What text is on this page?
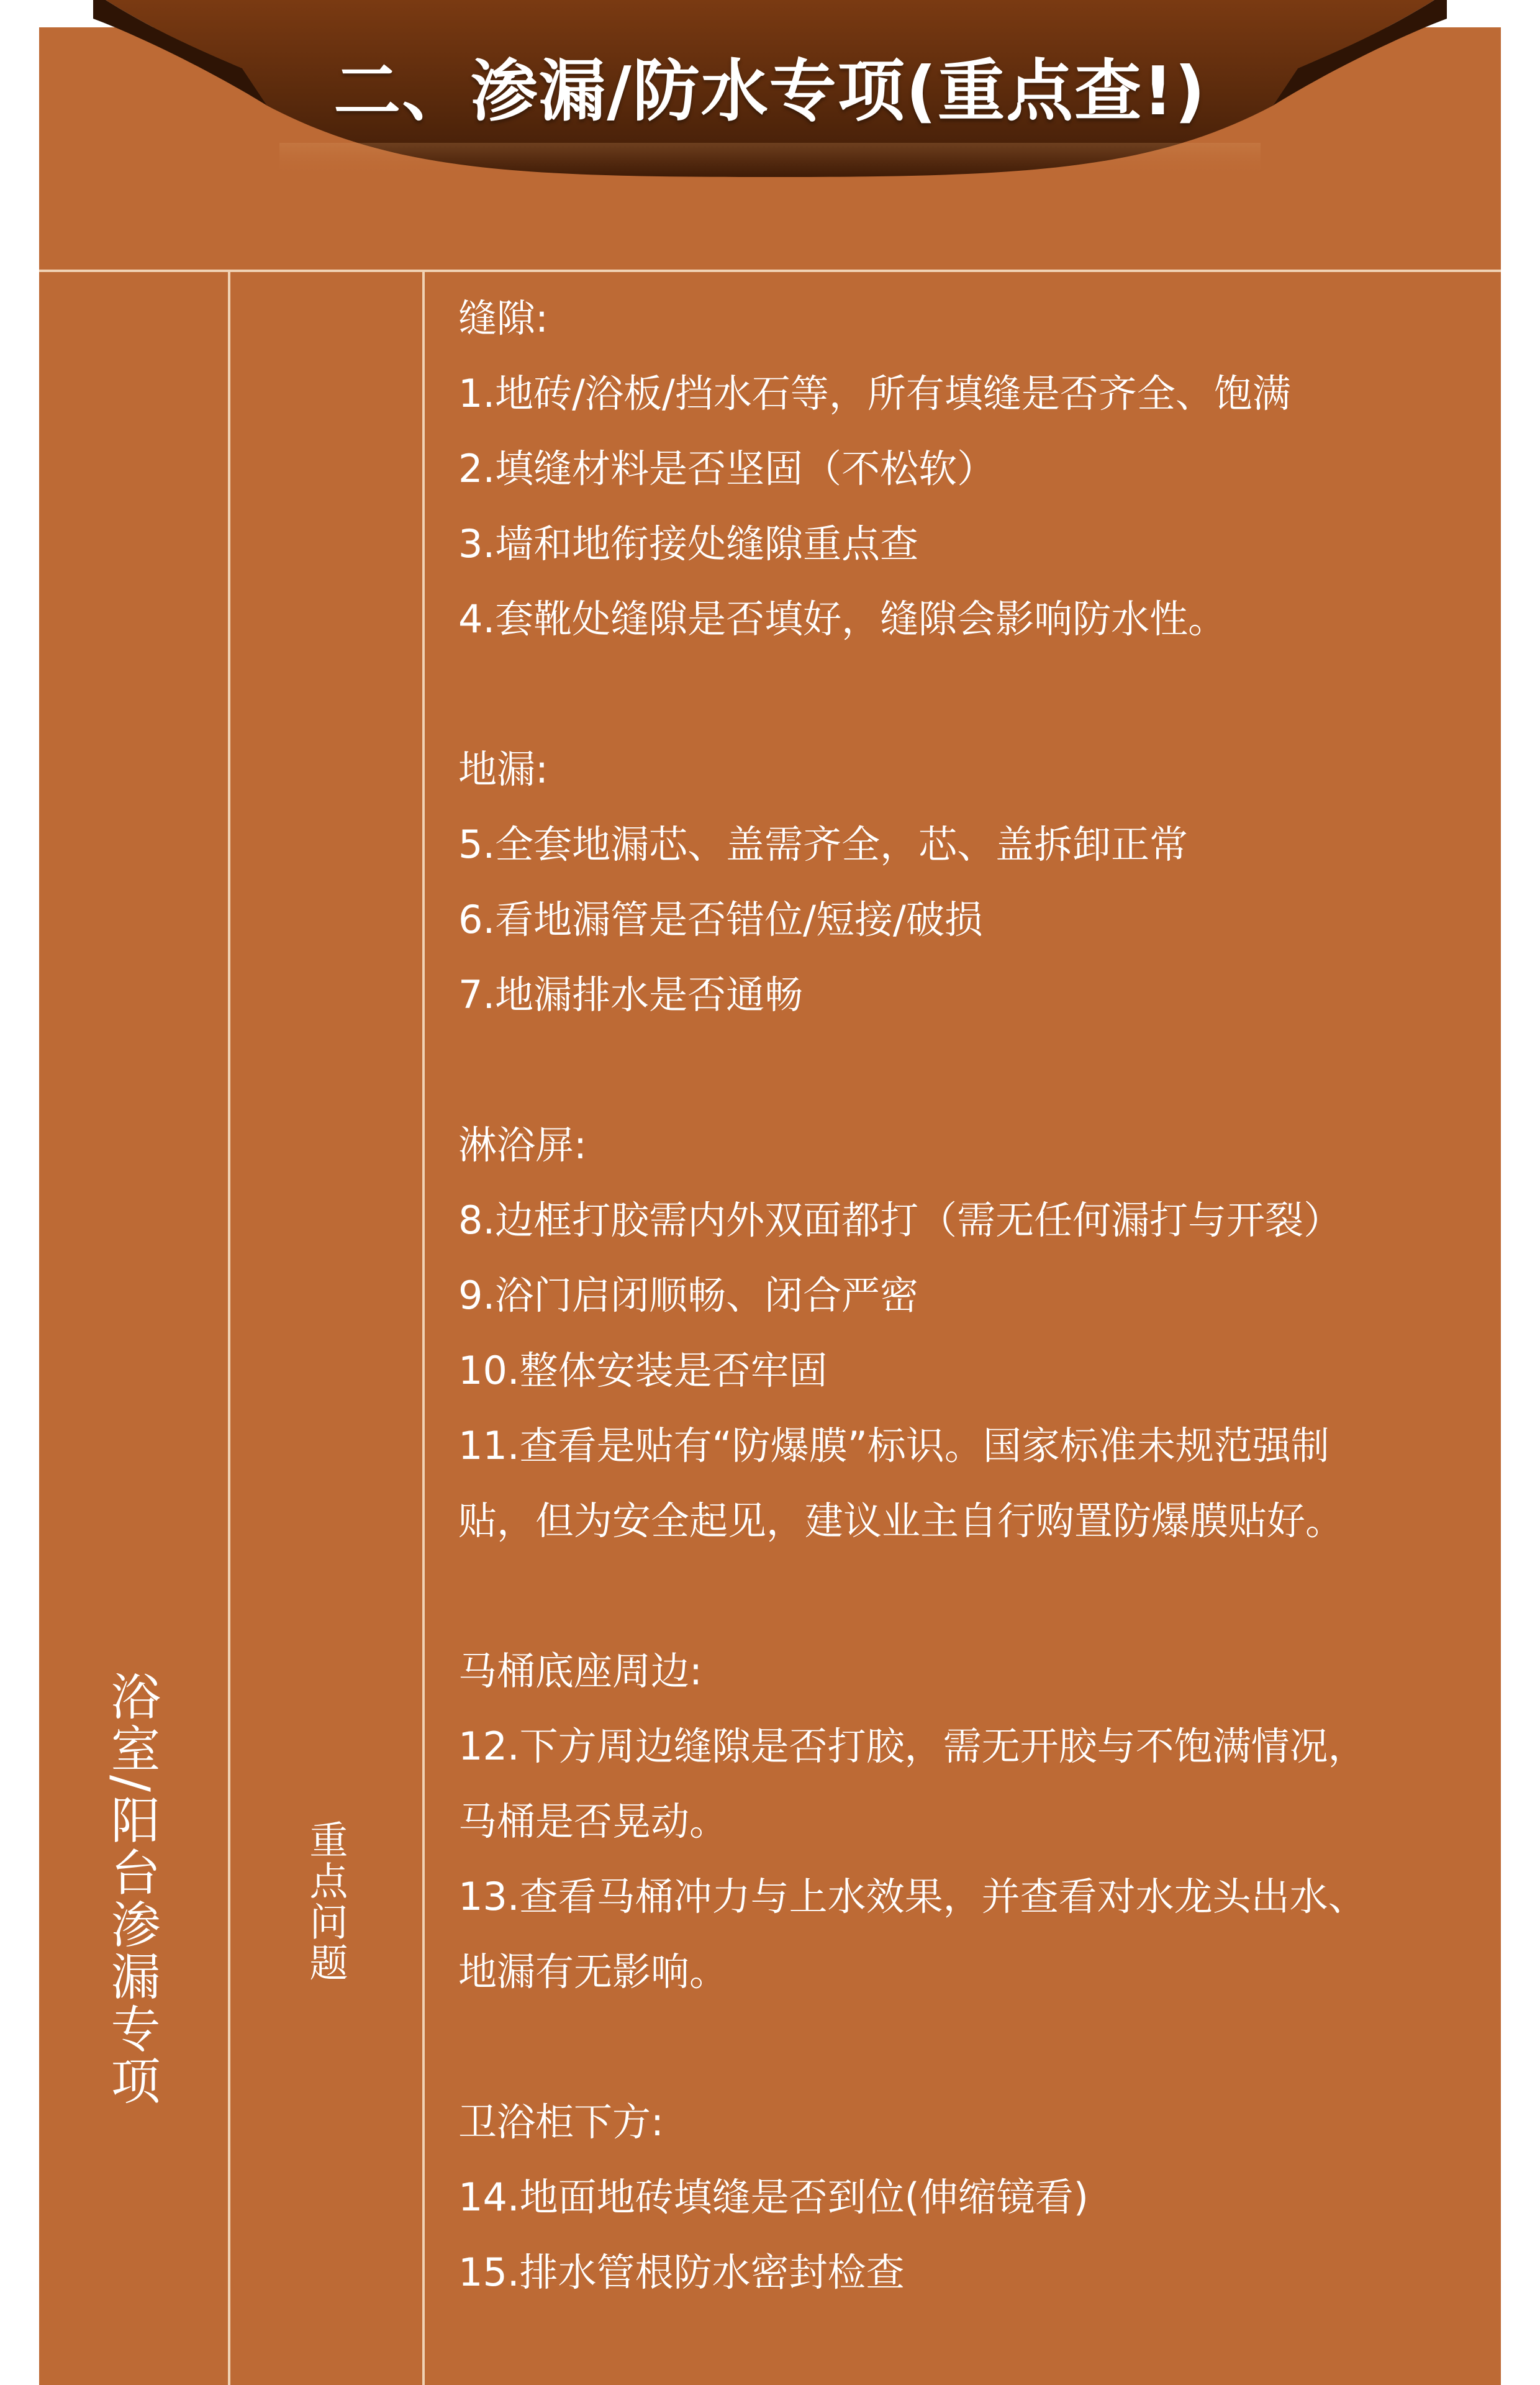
二、渗漏/防水专项(重点查!)
浴室/阳台渗漏专项	重点问题
缝隙:
1.地砖/浴板/挡水石等，所有填缝是否齐全、饱满
2.填缝材料是否坚固（不松软）
3.墙和地衔接处缝隙重点查
4.套靴处缝隙是否填好，缝隙会影响防水性。
地漏:
5.全套地漏芯、盖需齐全，芯、盖拆卸正常
6.看地漏管是否错位/短接/破损
7.地漏排水是否通畅
淋浴屏:
8.边框打胶需内外双面都打（需无任何漏打与开裂）
9.浴门启闭顺畅、闭合严密
10.整体安装是否牢固
11.查看是贴有“防爆膜”标识。国家标准未规范强制
贴，但为安全起见，建议业主自行购置防爆膜贴好。
马桶底座周边:
12.下方周边缝隙是否打胶，需无开胶与不饱满情况，
马桶是否晃动。
13.查看马桶冲力与上水效果，并查看对水龙头出水、
地漏有无影响。
卫浴柜下方:
14.地面地砖填缝是否到位(伸缩镜看)
15.排水管根防水密封检查
